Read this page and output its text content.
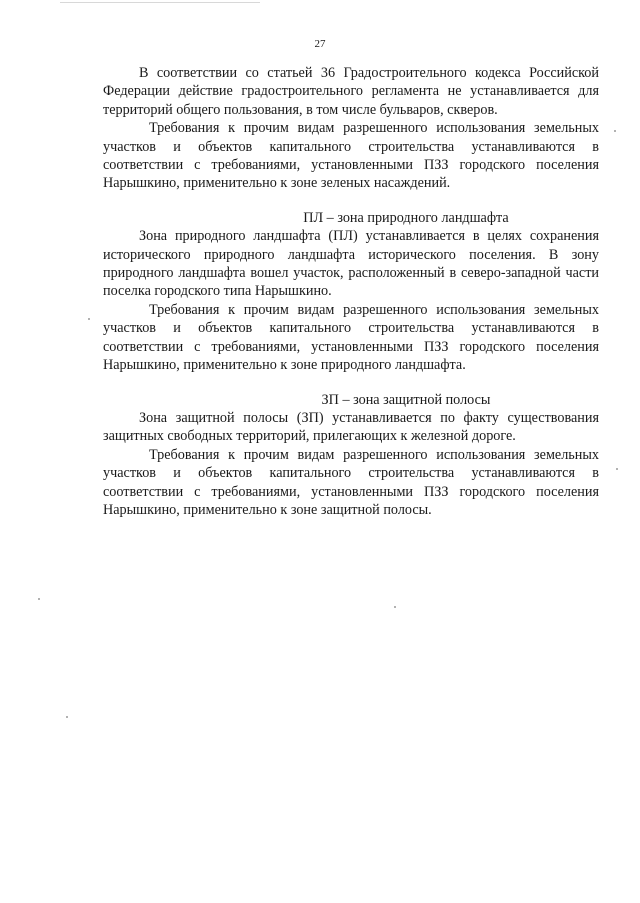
27

В соответствии со статьей 36 Градостроительного кодекса Российской Федерации действие градостроительного регламента не устанавливается для территорий общего пользования, в том числе бульваров, скверов.

Требования к прочим видам разрешенного использования земельных участков и объектов капитального строительства устанавливаются в соответствии с требованиями, установленными ПЗЗ городского поселения Нарышкино, применительно к зоне зеленых насаждений.

ПЛ – зона природного ландшафта

Зона природного ландшафта (ПЛ) устанавливается в целях сохранения исторического природного ландшафта исторического поселения. В зону природного ландшафта вошел участок, расположенный в северо-западной части поселка городского типа Нарышкино.

Требования к прочим видам разрешенного использования земельных участков и объектов капитального строительства устанавливаются в соответствии с требованиями, установленными ПЗЗ городского поселения Нарышкино, применительно к зоне природного ландшафта.

ЗП – зона защитной полосы

Зона защитной полосы (ЗП) устанавливается по факту существования защитных свободных территорий, прилегающих к железной дороге.

Требования к прочим видам разрешенного использования земельных участков и объектов капитального строительства устанавливаются в соответствии с требованиями, установленными ПЗЗ городского поселения Нарышкино, применительно к зоне защитной полосы.
